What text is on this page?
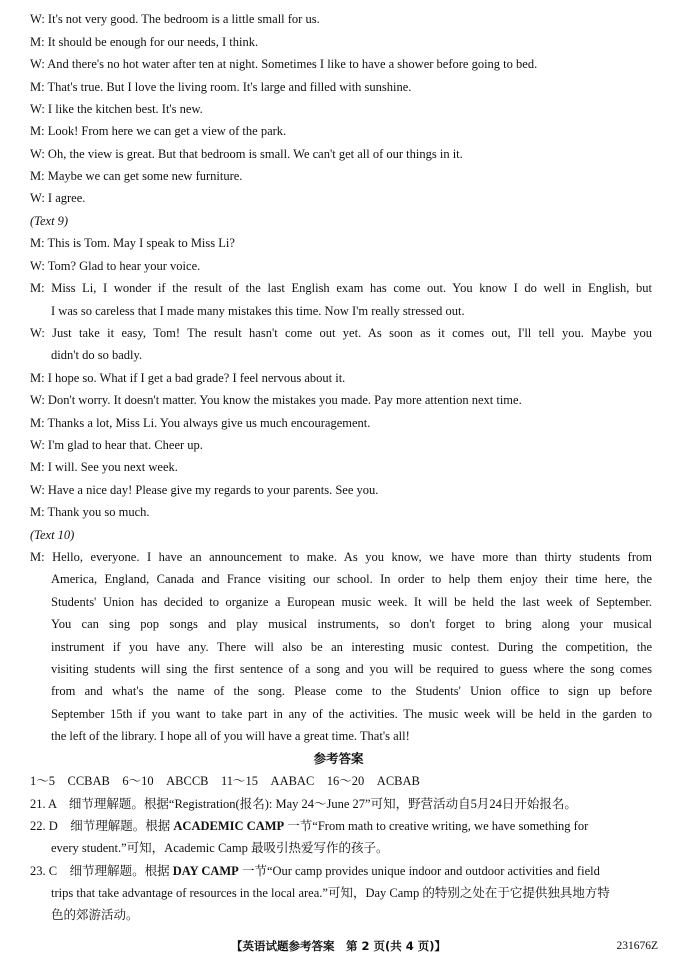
W: It's not very good. The bedroom is a little small for us.
M: It should be enough for our needs, I think.
W: And there's no hot water after ten at night. Sometimes I like to have a shower before going to bed.
M: That's true. But I love the living room. It's large and filled with sunshine.
W: I like the kitchen best. It's new.
M: Look! From here we can get a view of the park.
W: Oh, the view is great. But that bedroom is small. We can't get all of our things in it.
M: Maybe we can get some new furniture.
W: I agree.
(Text 9)
M: This is Tom. May I speak to Miss Li?
W: Tom? Glad to hear your voice.
M: Miss Li, I wonder if the result of the last English exam has come out. You know I do well in English, but
I was so careless that I made many mistakes this time. Now I'm really stressed out.
W: Just take it easy, Tom! The result hasn't come out yet. As soon as it comes out, I'll tell you. Maybe you
didn't do so badly.
M: I hope so. What if I get a bad grade? I feel nervous about it.
W: Don't worry. It doesn't matter. You know the mistakes you made. Pay more attention next time.
M: Thanks a lot, Miss Li. You always give us much encouragement.
W: I'm glad to hear that. Cheer up.
M: I will. See you next week.
W: Have a nice day! Please give my regards to your parents. See you.
M: Thank you so much.
(Text 10)
M: Hello, everyone. I have an announcement to make. As you know, we have more than thirty students from
America, England, Canada and France visiting our school. In order to help them enjoy their time here, the
Students' Union has decided to organize a European music week. It will be held the last week of September.
You can sing pop songs and play musical instruments, so don't forget to bring along your musical
instrument if you have any. There will also be an interesting music contest. During the competition, the
visiting students will sing the first sentence of a song and you will be required to guess where the song comes
from and what's the name of the song. Please come to the Students' Union office to sign up before
September 15th if you want to take part in any of the activities. The music week will be held in the garden to
the left of the library. I hope all of you will have a great time. That's all!
参考答案
1～5　CCBAB　6～10　ABCCB　11～15　AABAC　16～20　ACBAB
21. A　细节理解题。根据“Registration(报名): May 24～June 27”可知，野营活动自5月24日开始报名。
22. D　细节理解题。根据 ACADEMIC CAMP 一节“From math to creative writing, we have something for
every student.”可知，Academic Camp 最吸引热爱写作的孩子。
23. C　细节理解题。根据 DAY CAMP 一节“Our camp provides unique indoor and outdoor activities and field
trips that take advantage of resources in the local area.”可知，Day Camp 的特别之处在于它提供独具地方特
色的郊游活动。
【英语试题参考答案　第 2 页(共 4 页)】	231676Z
